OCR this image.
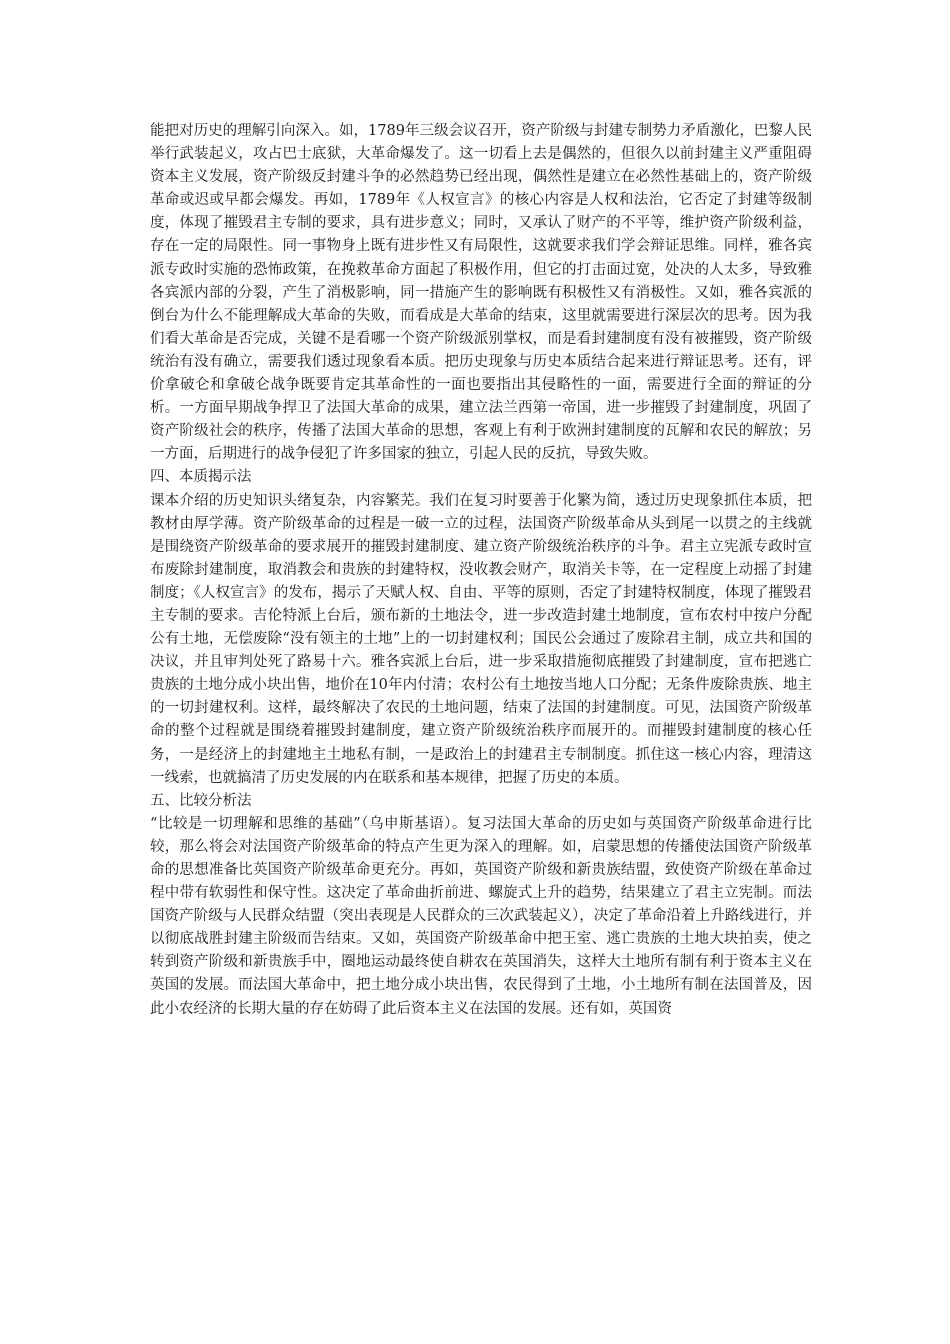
能把对历史的理解引向深入。如，1789年三级会议召开，资产阶级与封建专制势力矛盾激化，巴黎人民举行武装起义，攻占巴士底狱，大革命爆发了。这一切看上去是偶然的，但很久以前封建主义严重阻碍资本主义发展，资产阶级反封建斗争的必然趋势已经出现，偶然性是建立在必然性基础上的，资产阶级革命或迟或早都会爆发。再如，1789年《人权宣言》的核心内容是人权和法治，它否定了封建等级制度，体现了摧毁君主专制的要求，具有进步意义；同时，又承认了财产的不平等，维护资产阶级利益，存在一定的局限性。同一事物身上既有进步性又有局限性，这就要求我们学会辩证思维。同样，雅各宾派专政时实施的恐怖政策，在挽救革命方面起了积极作用，但它的打击面过宽，处决的人太多，导致雅各宾派内部的分裂，产生了消极影响，同一措施产生的影响既有积极性又有消极性。又如，雅各宾派的倒台为什么不能理解成大革命的失败，而看成是大革命的结束，这里就需要进行深层次的思考。因为我们看大革命是否完成，关键不是看哪一个资产阶级派别掌权，而是看封建制度有没有被摧毁，资产阶级统治有没有确立，需要我们透过现象看本质。把历史现象与历史本质结合起来进行辩证思考。还有，评价拿破仑和拿破仑战争既要肯定其革命性的一面也要指出其侵略性的一面，需要进行全面的辩证的分析。一方面早期战争捍卫了法国大革命的成果，建立法兰西第一帝国，进一步摧毁了封建制度，巩固了资产阶级社会的秩序，传播了法国大革命的思想，客观上有利于欧洲封建制度的瓦解和农民的解放；另一方面，后期进行的战争侵犯了许多国家的独立，引起人民的反抗，导致失败。

四、本质揭示法

课本介绍的历史知识头绪复杂，内容繁芜。我们在复习时要善于化繁为简，透过历史现象抓住本质，把教材由厚学薄。资产阶级革命的过程是一破一立的过程，法国资产阶级革命从头到尾一以贯之的主线就是围绕资产阶级革命的要求展开的摧毁封建制度、建立资产阶级统治秩序的斗争。君主立宪派专政时宣布废除封建制度，取消教会和贵族的封建特权，没收教会财产，取消关卡等，在一定程度上动摇了封建制度；《人权宣言》的发布，揭示了天赋人权、自由、平等的原则，否定了封建特权制度，体现了摧毁君主专制的要求。吉伦特派上台后，颁布新的土地法令，进一步改造封建土地制度，宣布农村中按户分配公有土地，无偿废除“没有领主的土地”上的一切封建权利；国民公会通过了废除君主制，成立共和国的决议，并且审判处死了路易十六。雅各宾派上台后，进一步采取措施彻底摧毁了封建制度，宣布把逃亡贵族的土地分成小块出售，地价在10年内付清；农村公有土地按当地人口分配；无条件废除贵族、地主的一切封建权利。这样，最终解决了农民的土地问题，结束了法国的封建制度。可见，法国资产阶级革命的整个过程就是围绕着摧毁封建制度，建立资产阶级统治秩序而展开的。而摧毁封建制度的核心任务，一是经济上的封建地主土地私有制，一是政治上的封建君主专制制度。抓住这一核心内容，理清这一线索，也就搞清了历史发展的内在联系和基本规律，把握了历史的本质。

五、比较分析法

“比较是一切理解和思维的基础”（乌申斯基语）。复习法国大革命的历史如与英国资产阶级革命进行比较，那么将会对法国资产阶级革命的特点产生更为深入的理解。如，启蒙思想的传播使法国资产阶级革命的思想准备比英国资产阶级革命更充分。再如，英国资产阶级和新贵族结盟，致使资产阶级在革命过程中带有软弱性和保守性。这决定了革命曲折前进、螺旋式上升的趋势，结果建立了君主立宪制。而法国资产阶级与人民群众结盟（突出表现是人民群众的三次武装起义），决定了革命沿着上升路线进行，并以彻底战胜封建主阶级而告结束。又如，英国资产阶级革命中把王室、逃亡贵族的土地大块拍卖，使之转到资产阶级和新贵族手中，圈地运动最终使自耕农在英国消失，这样大土地所有制有利于资本主义在英国的发展。而法国大革命中，把土地分成小块出售，农民得到了土地，小土地所有制在法国普及，因此小农经济的长期大量的存在妨碍了此后资本主义在法国的发展。还有如，英国资
